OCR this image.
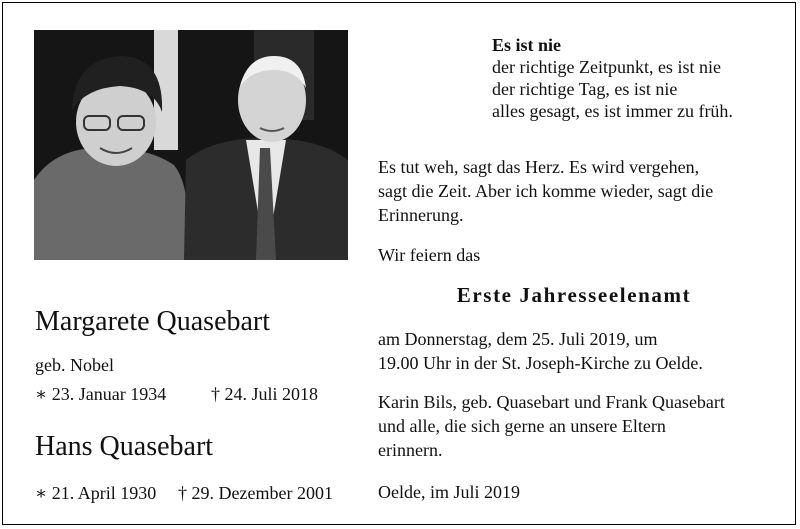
Margarete Quasebart

geb. Nobel

∗ 23. Januar 1934 † 24. Juli 2018

Hans Quasebart

∗ 21. April 1930 † 29. Dezember 2001

Es ist nie
der richtige Zeitpunkt, es ist nie
der richtige Tag, es ist nie
alles gesagt, es ist immer zu früh.
Es tut weh, sagt das Herz. Es wird vergehen,
sagt die Zeit. Aber ich komme wieder, sagt die
Erinnerung.

Wir feiern das

Erste Jahresseelenamt

am Donnerstag, dem 25. Juli 2019, um
19.00 Uhr in der St. Joseph-Kirche zu Oelde.
Karin Bils, geb. Quasebart und Frank Quasebart
und alle, die sich gerne an unsere Eltern
erinnern.

Oelde, im Juli 2019
